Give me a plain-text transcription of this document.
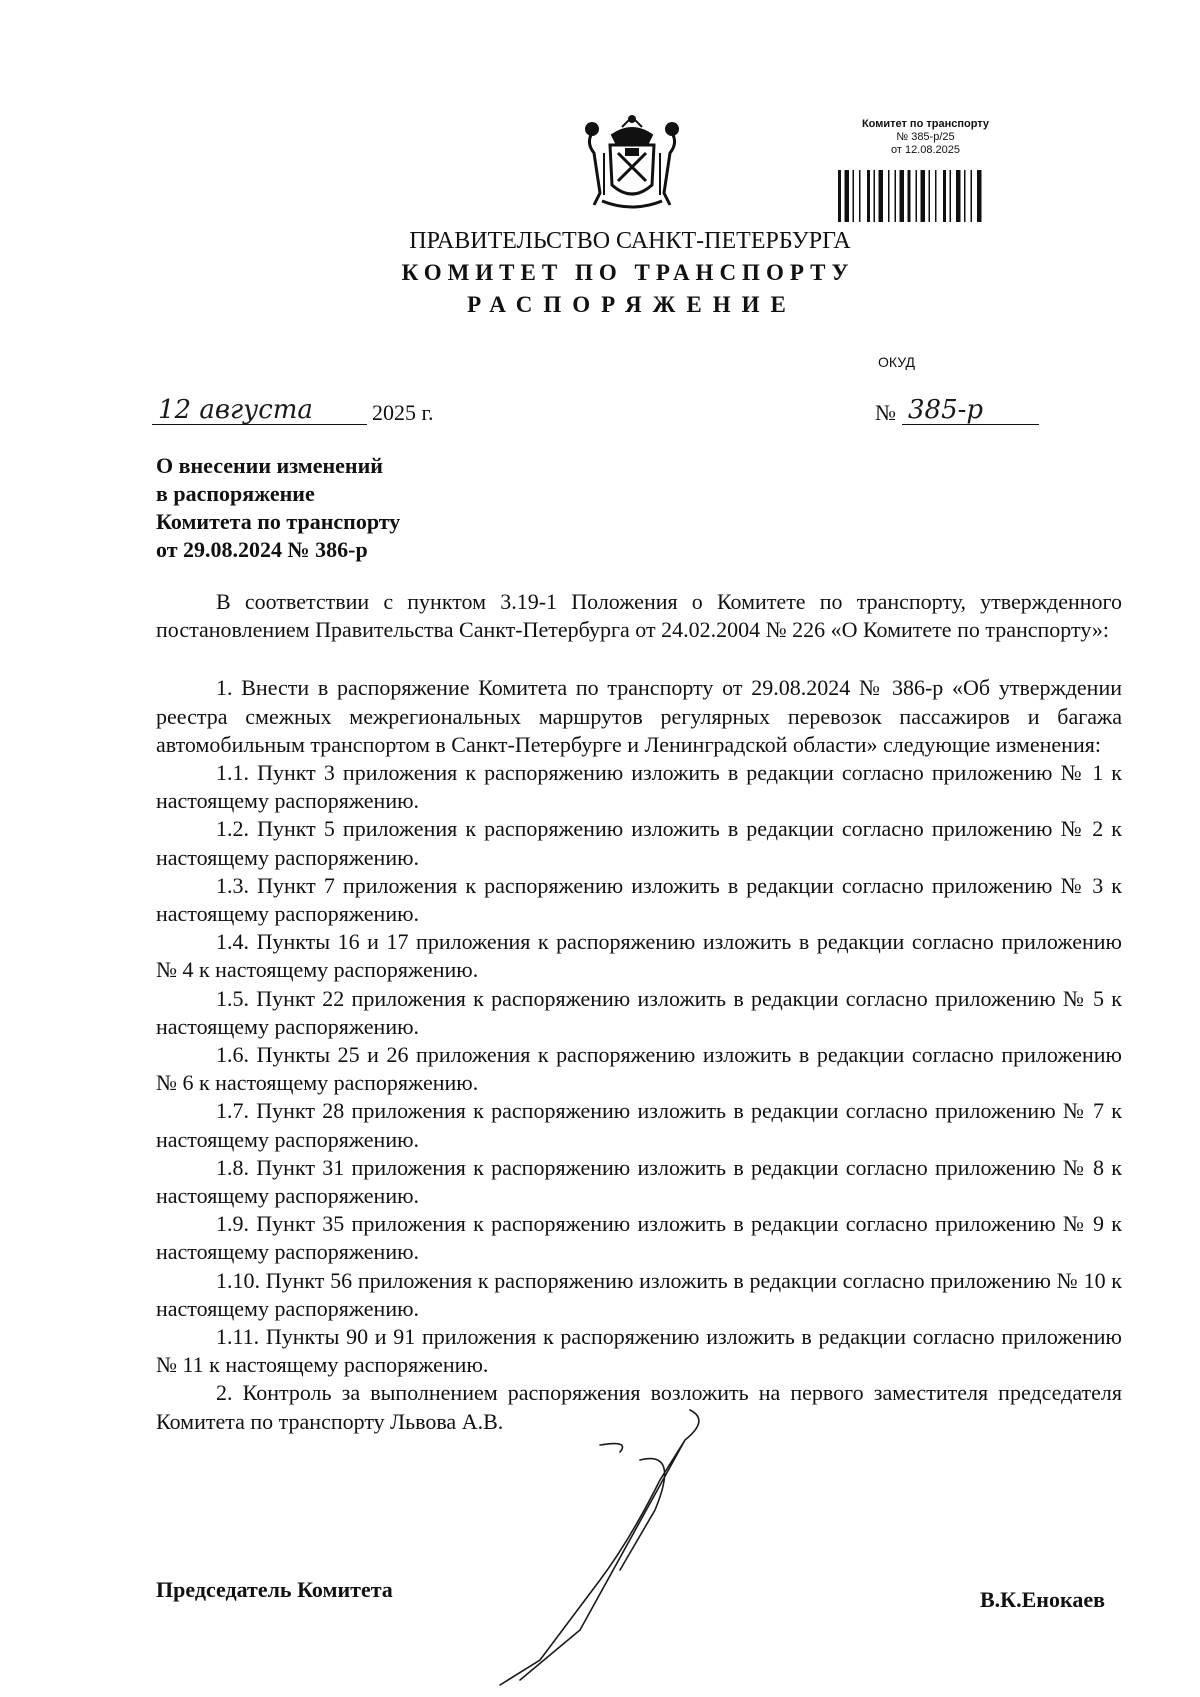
Комитет по транспорту
№ 385-р/25
от 12.08.2025
ПРАВИТЕЛЬСТВО САНКТ-ПЕТЕРБУРГА
КОМИТЕТ ПО ТРАНСПОРТУ
РАСПОРЯЖЕНИЕ
ОКУД
12 августа	2025 г.	№ 385-р
О внесении изменений
в распоряжение
Комитета по транспорту
от 29.08.2024 № 386-р

В соответствии с пунктом 3.19-1 Положения о Комитете по транспорту, утвержденного постановлением Правительства Санкт-Петербурга от 24.02.2004 № 226 «О Комитете по транспорту»:

1. Внести в распоряжение Комитета по транспорту от 29.08.2024 № 386-р «Об утверждении реестра смежных межрегиональных маршрутов регулярных перевозок пассажиров и багажа автомобильным транспортом в Санкт-Петербурге и Ленинградской области» следующие изменения:

1.1. Пункт 3 приложения к распоряжению изложить в редакции согласно приложению № 1 к настоящему распоряжению.

1.2. Пункт 5 приложения к распоряжению изложить в редакции согласно приложению № 2 к настоящему распоряжению.

1.3. Пункт 7 приложения к распоряжению изложить в редакции согласно приложению № 3 к настоящему распоряжению.

1.4. Пункты 16 и 17 приложения к распоряжению изложить в редакции согласно приложению № 4 к настоящему распоряжению.

1.5. Пункт 22 приложения к распоряжению изложить в редакции согласно приложению № 5 к настоящему распоряжению.

1.6. Пункты 25 и 26 приложения к распоряжению изложить в редакции согласно приложению № 6 к настоящему распоряжению.

1.7. Пункт 28 приложения к распоряжению изложить в редакции согласно приложению № 7 к настоящему распоряжению.

1.8. Пункт 31 приложения к распоряжению изложить в редакции согласно приложению № 8 к настоящему распоряжению.

1.9. Пункт 35 приложения к распоряжению изложить в редакции согласно приложению № 9 к настоящему распоряжению.

1.10. Пункт 56 приложения к распоряжению изложить в редакции согласно приложению № 10 к настоящему распоряжению.

1.11. Пункты 90 и 91 приложения к распоряжению изложить в редакции согласно приложению № 11 к настоящему распоряжению.

2. Контроль за выполнением распоряжения возложить на первого заместителя председателя Комитета по транспорту Львова А.В.

Председатель Комитета	В.К.Енокаев
